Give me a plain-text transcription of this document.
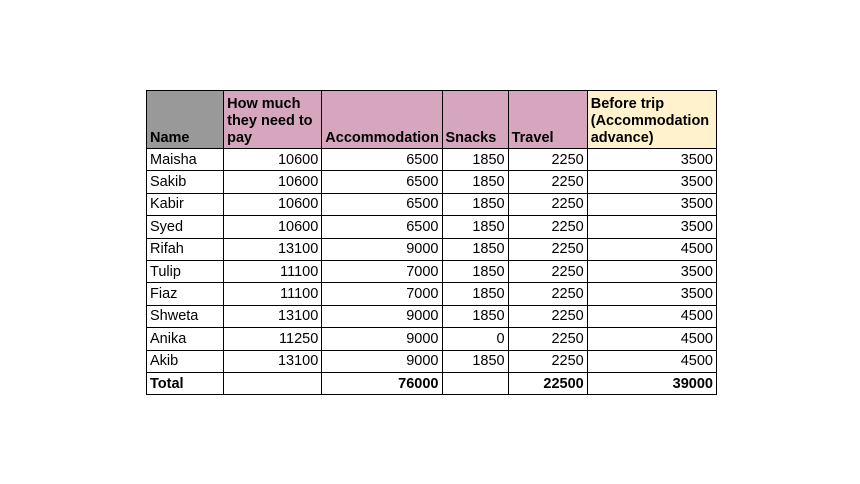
Name	How much they need to pay	Accommodation	Snacks	Travel	Before trip (Accommodation advance)
Maisha	10600	6500	1850	2250	3500
Sakib	10600	6500	1850	2250	3500
Kabir	10600	6500	1850	2250	3500
Syed	10600	6500	1850	2250	3500
Rifah	13100	9000	1850	2250	4500
Tulip	11100	7000	1850	2250	3500
Fiaz	11100	7000	1850	2250	3500
Shweta	13100	9000	1850	2250	4500
Anika	11250	9000	0	2250	4500
Akib	13100	9000	1850	2250	4500
Total		76000		22500	39000
